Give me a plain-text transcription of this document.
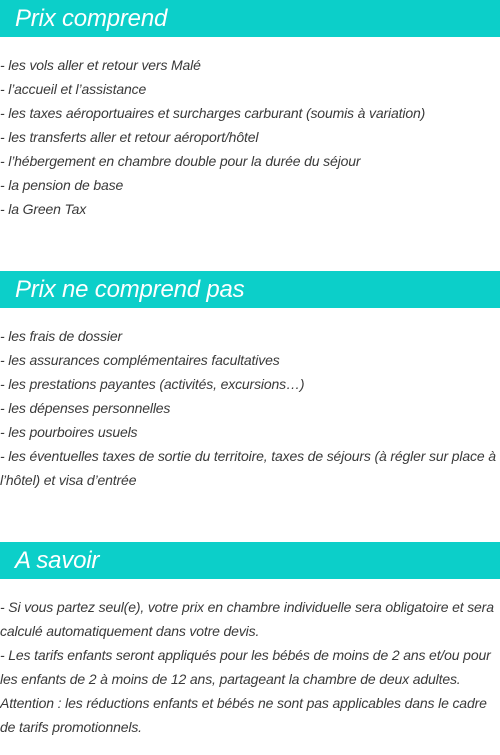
Prix comprend
- les vols aller et retour vers Malé
- l’accueil et l’assistance
- les taxes aéroportuaires et surcharges carburant (soumis à variation)
- les transferts aller et retour aéroport/hôtel
- l’hébergement en chambre double pour la durée du séjour
- la pension de base
- la Green Tax
Prix ne comprend pas
- les frais de dossier
- les assurances complémentaires facultatives
- les prestations payantes (activités, excursions…)
- les dépenses personnelles
- les pourboires usuels
- les éventuelles taxes de sortie du territoire, taxes de séjours (à régler sur place à l’hôtel) et visa d’entrée
A savoir
- Si vous partez seul(e), votre prix en chambre individuelle sera obligatoire et sera calculé automatiquement dans votre devis.
- Les tarifs enfants seront appliqués pour les bébés de moins de 2 ans et/ou pour les enfants de 2 à moins de 12 ans, partageant la chambre de deux adultes.
Attention : les réductions enfants et bébés ne sont pas applicables dans le cadre de tarifs promotionnels.
